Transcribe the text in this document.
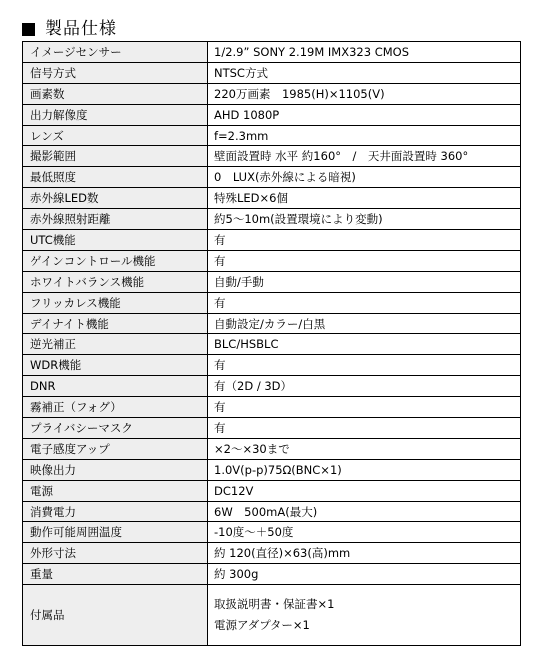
製品仕様
イメージセンサー	1/2.9” SONY 2.19M IMX323 CMOS
信号方式	NTSC方式
画素数	220万画素　1985(H)×1105(V)
出力解像度	AHD 1080P
レンズ	f=2.3mm
撮影範囲	壁面設置時 水平 約160°　/　天井面設置時 360°
最低照度	0　LUX(赤外線による暗視)
赤外線LED数	特殊LED×6個
赤外線照射距離	約5～10m(設置環境により変動)
UTC機能	有
ゲインコントロール機能	有
ホワイトバランス機能	自動/手動
フリッカレス機能	有
デイナイト機能	自動設定/カラー/白黒
逆光補正	BLC/HSBLC
WDR機能	有
DNR	有（2D / 3D）
霧補正（フォグ）	有
プライバシーマスク	有
電子感度アップ	×2～×30まで
映像出力	1.0V(p-p)75Ω(BNC×1)
電源	DC12V
消費電力	6W　500mA(最大)
動作可能周囲温度	-10度～＋50度
外形寸法	約 120(直径)×63(高)mm
重量	約 300g
付属品	取扱説明書・保証書×1
電源アダプター×1
